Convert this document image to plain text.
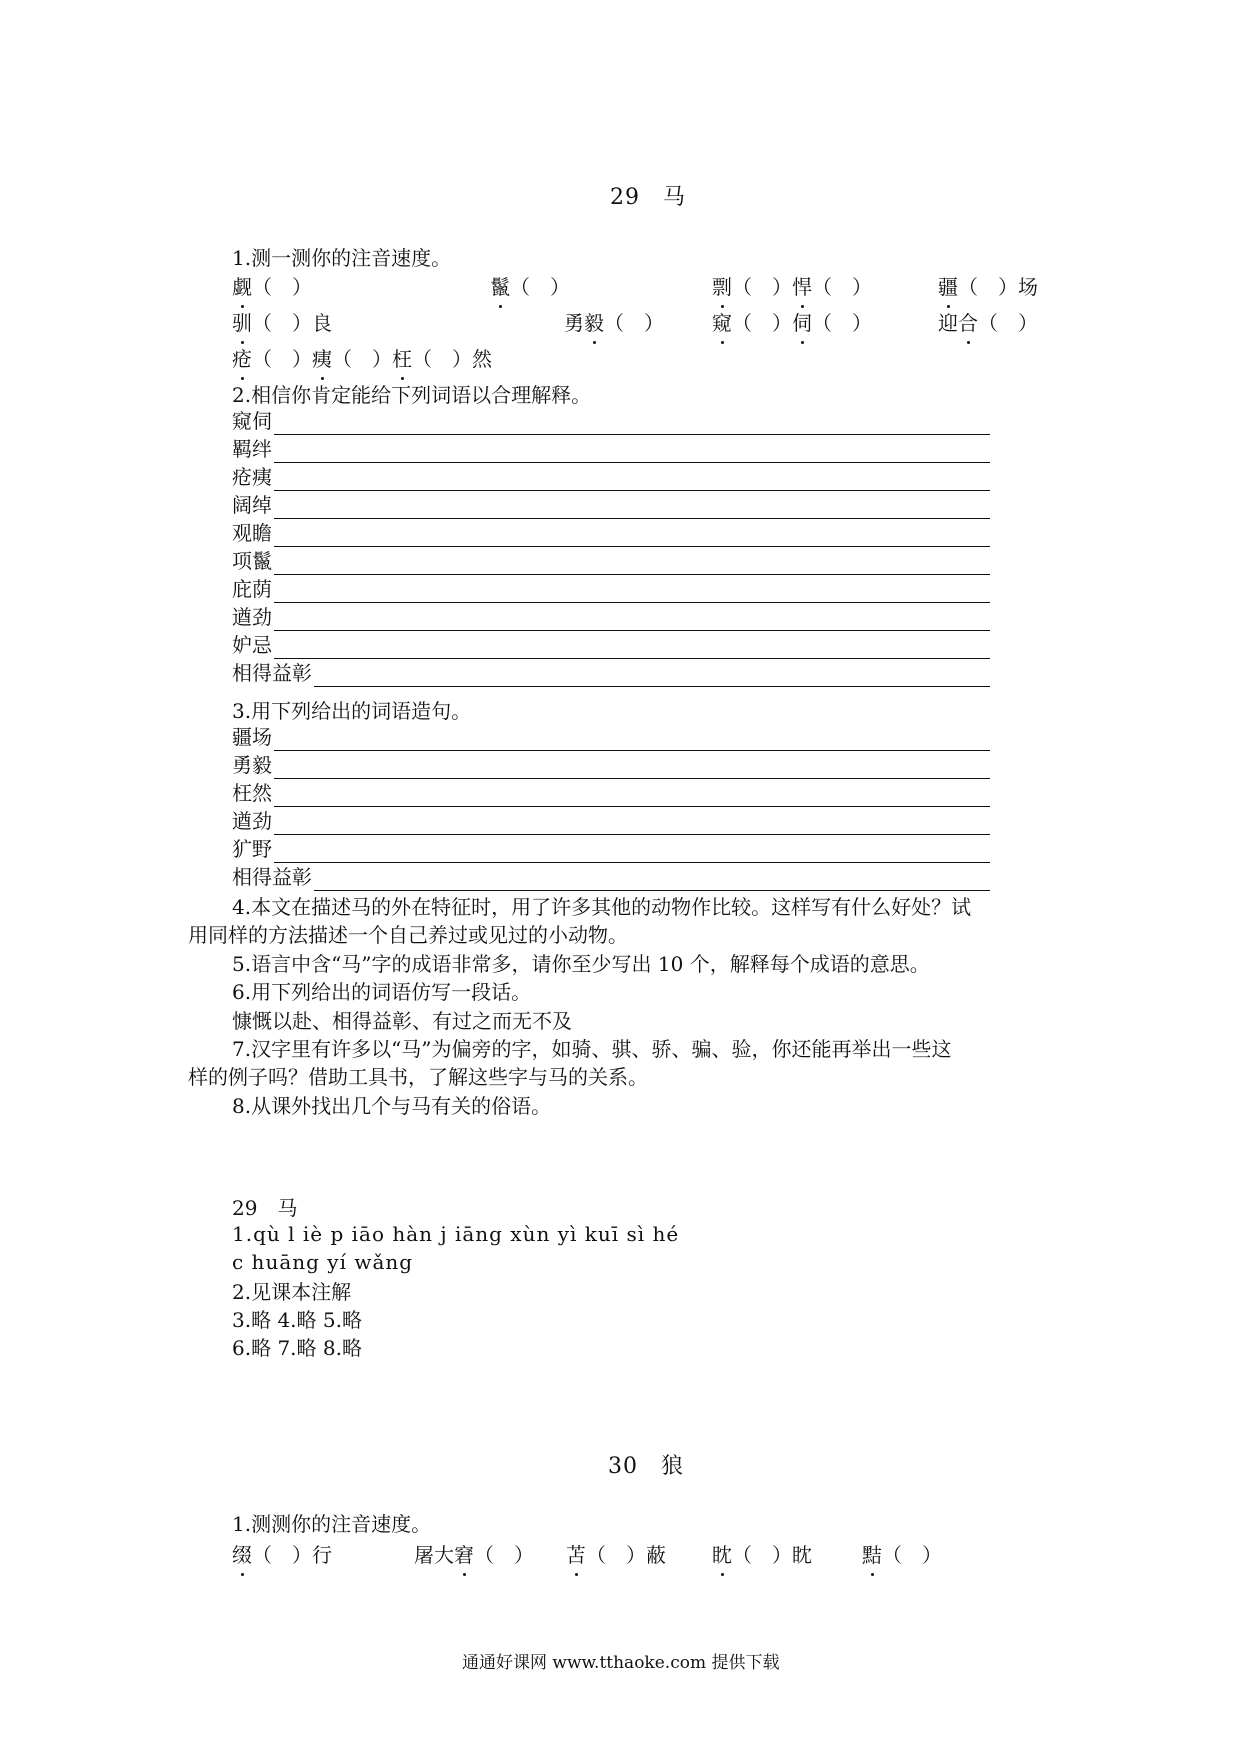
29　马
1.测一测你的注音速度。
觑（　）	鬣（　）	剽（　）悍（　）	疆（　）场
驯（　）良	勇毅（　） 窥（　）伺（　）	迎合（　）
疮（　）痍（　）枉（　）然
2.相信你肯定能给下列词语以合理解释。
窥伺
羁绊
疮痍
阔绰
观瞻
项鬣
庇荫
遒劲
妒忌
相得益彰
3.用下列给出的词语造句。
疆场
勇毅
枉然
遒劲
犷野
相得益彰
4.本文在描述马的外在特征时，用了许多其他的动物作比较。这样写有什么好处？试
用同样的方法描述一个自己养过或见过的小动物。
5.语言中含“马”字的成语非常多，请你至少写出 10 个，解释每个成语的意思。
6.用下列给出的词语仿写一段话。
慷慨以赴、相得益彰、有过之而无不及
7.汉字里有许多以“马”为偏旁的字，如骑、骐、骄、骗、验，你还能再举出一些这
样的例子吗？借助工具书，了解这些字与马的关系。
8.从课外找出几个与马有关的俗语。
29　马
1.qù l iè p iāo hàn j iāng xùn yì kuī sì hé
c huāng yí wǎng
2.见课本注解
3.略 4.略 5.略
6.略 7.略 8.略
30　狼
1.测测你的注音速度。
缀（　）行	屠大窘（　） 苫（　）蔽 眈（　）眈	黠（　）
通通好课网 www.tthaoke.com 提供下载
